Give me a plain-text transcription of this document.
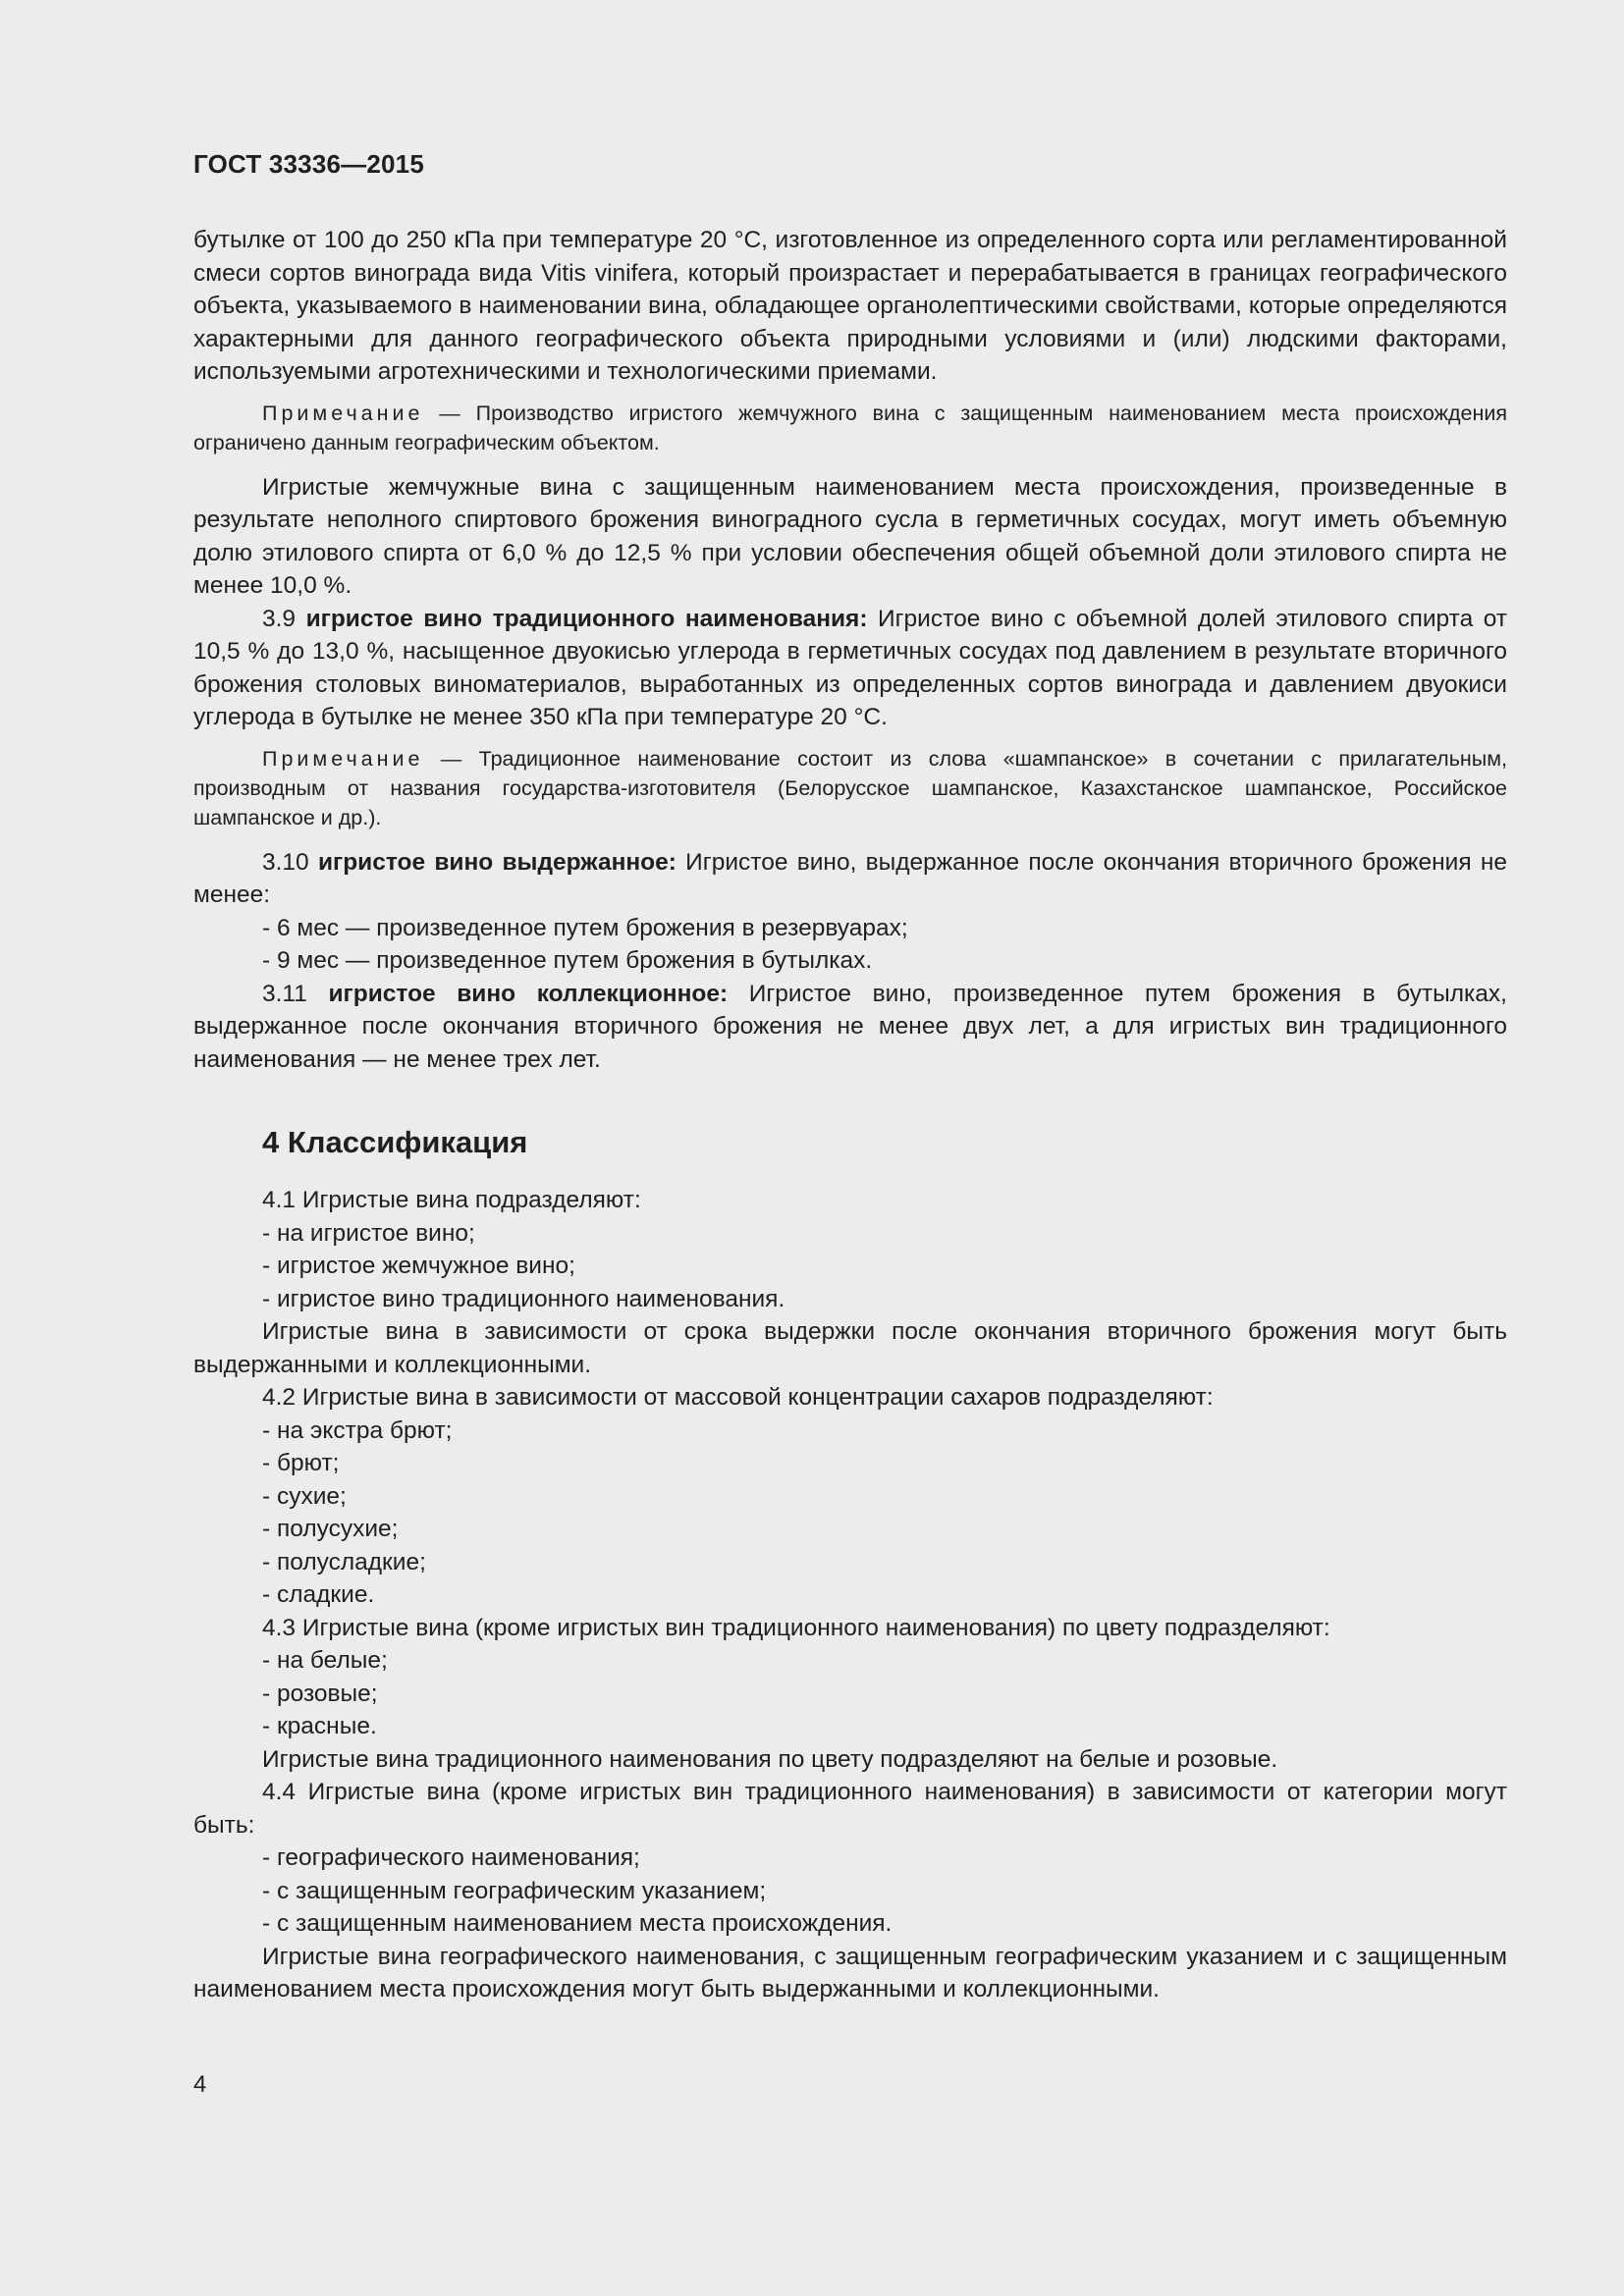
ГОСТ 33336—2015

бутылке от 100 до 250 кПа при температуре 20 °С, изготовленное из определенного сорта или регламентированной смеси сортов винограда вида Vitis vinifera, который произрастает и перерабатывается в границах географического объекта, указываемого в наименовании вина, обладающее органолептическими свойствами, которые определяются характерными для данного географического объекта природными условиями и (или) людскими факторами, используемыми агротехническими и технологическими приемами.

Примечание — Производство игристого жемчужного вина с защищенным наименованием места происхождения ограничено данным географическим объектом.

Игристые жемчужные вина с защищенным наименованием места происхождения, произведенные в результате неполного спиртового брожения виноградного сусла в герметичных сосудах, могут иметь объемную долю этилового спирта от 6,0 % до 12,5 % при условии обеспечения общей объемной доли этилового спирта не менее 10,0 %.

3.9 игристое вино традиционного наименования: Игристое вино с объемной долей этилового спирта от 10,5 % до 13,0 %, насыщенное двуокисью углерода в герметичных сосудах под давлением в результате вторичного брожения столовых виноматериалов, выработанных из определенных сортов винограда и давлением двуокиси углерода в бутылке не менее 350 кПа при температуре 20 °С.

Примечание — Традиционное наименование состоит из слова «шампанское» в сочетании с прилагательным, производным от названия государства-изготовителя (Белорусское шампанское, Казахстанское шампанское, Российское шампанское и др.).

3.10 игристое вино выдержанное: Игристое вино, выдержанное после окончания вторичного брожения не менее:

- 6 мес — произведенное путем брожения в резервуарах;

- 9 мес — произведенное путем брожения в бутылках.

3.11 игристое вино коллекционное: Игристое вино, произведенное путем брожения в бутылках, выдержанное после окончания вторичного брожения не менее двух лет, а для игристых вин традиционного наименования — не менее трех лет.

4 Классификация

4.1 Игристые вина подразделяют:

- на игристое вино;

- игристое жемчужное вино;

- игристое вино традиционного наименования.

Игристые вина в зависимости от срока выдержки после окончания вторичного брожения могут быть выдержанными и коллекционными.

4.2 Игристые вина в зависимости от массовой концентрации сахаров подразделяют:

- на экстра брют;

- брют;

- сухие;

- полусухие;

- полусладкие;

- сладкие.

4.3 Игристые вина (кроме игристых вин традиционного наименования) по цвету подразделяют:

- на белые;

- розовые;

- красные.

Игристые вина традиционного наименования по цвету подразделяют на белые и розовые.

4.4 Игристые вина (кроме игристых вин традиционного наименования) в зависимости от категории могут быть:

- географического наименования;

- с защищенным географическим указанием;

- с защищенным наименованием места происхождения.

Игристые вина географического наименования, с защищенным географическим указанием и с защищенным наименованием места происхождения могут быть выдержанными и коллекционными.

4
